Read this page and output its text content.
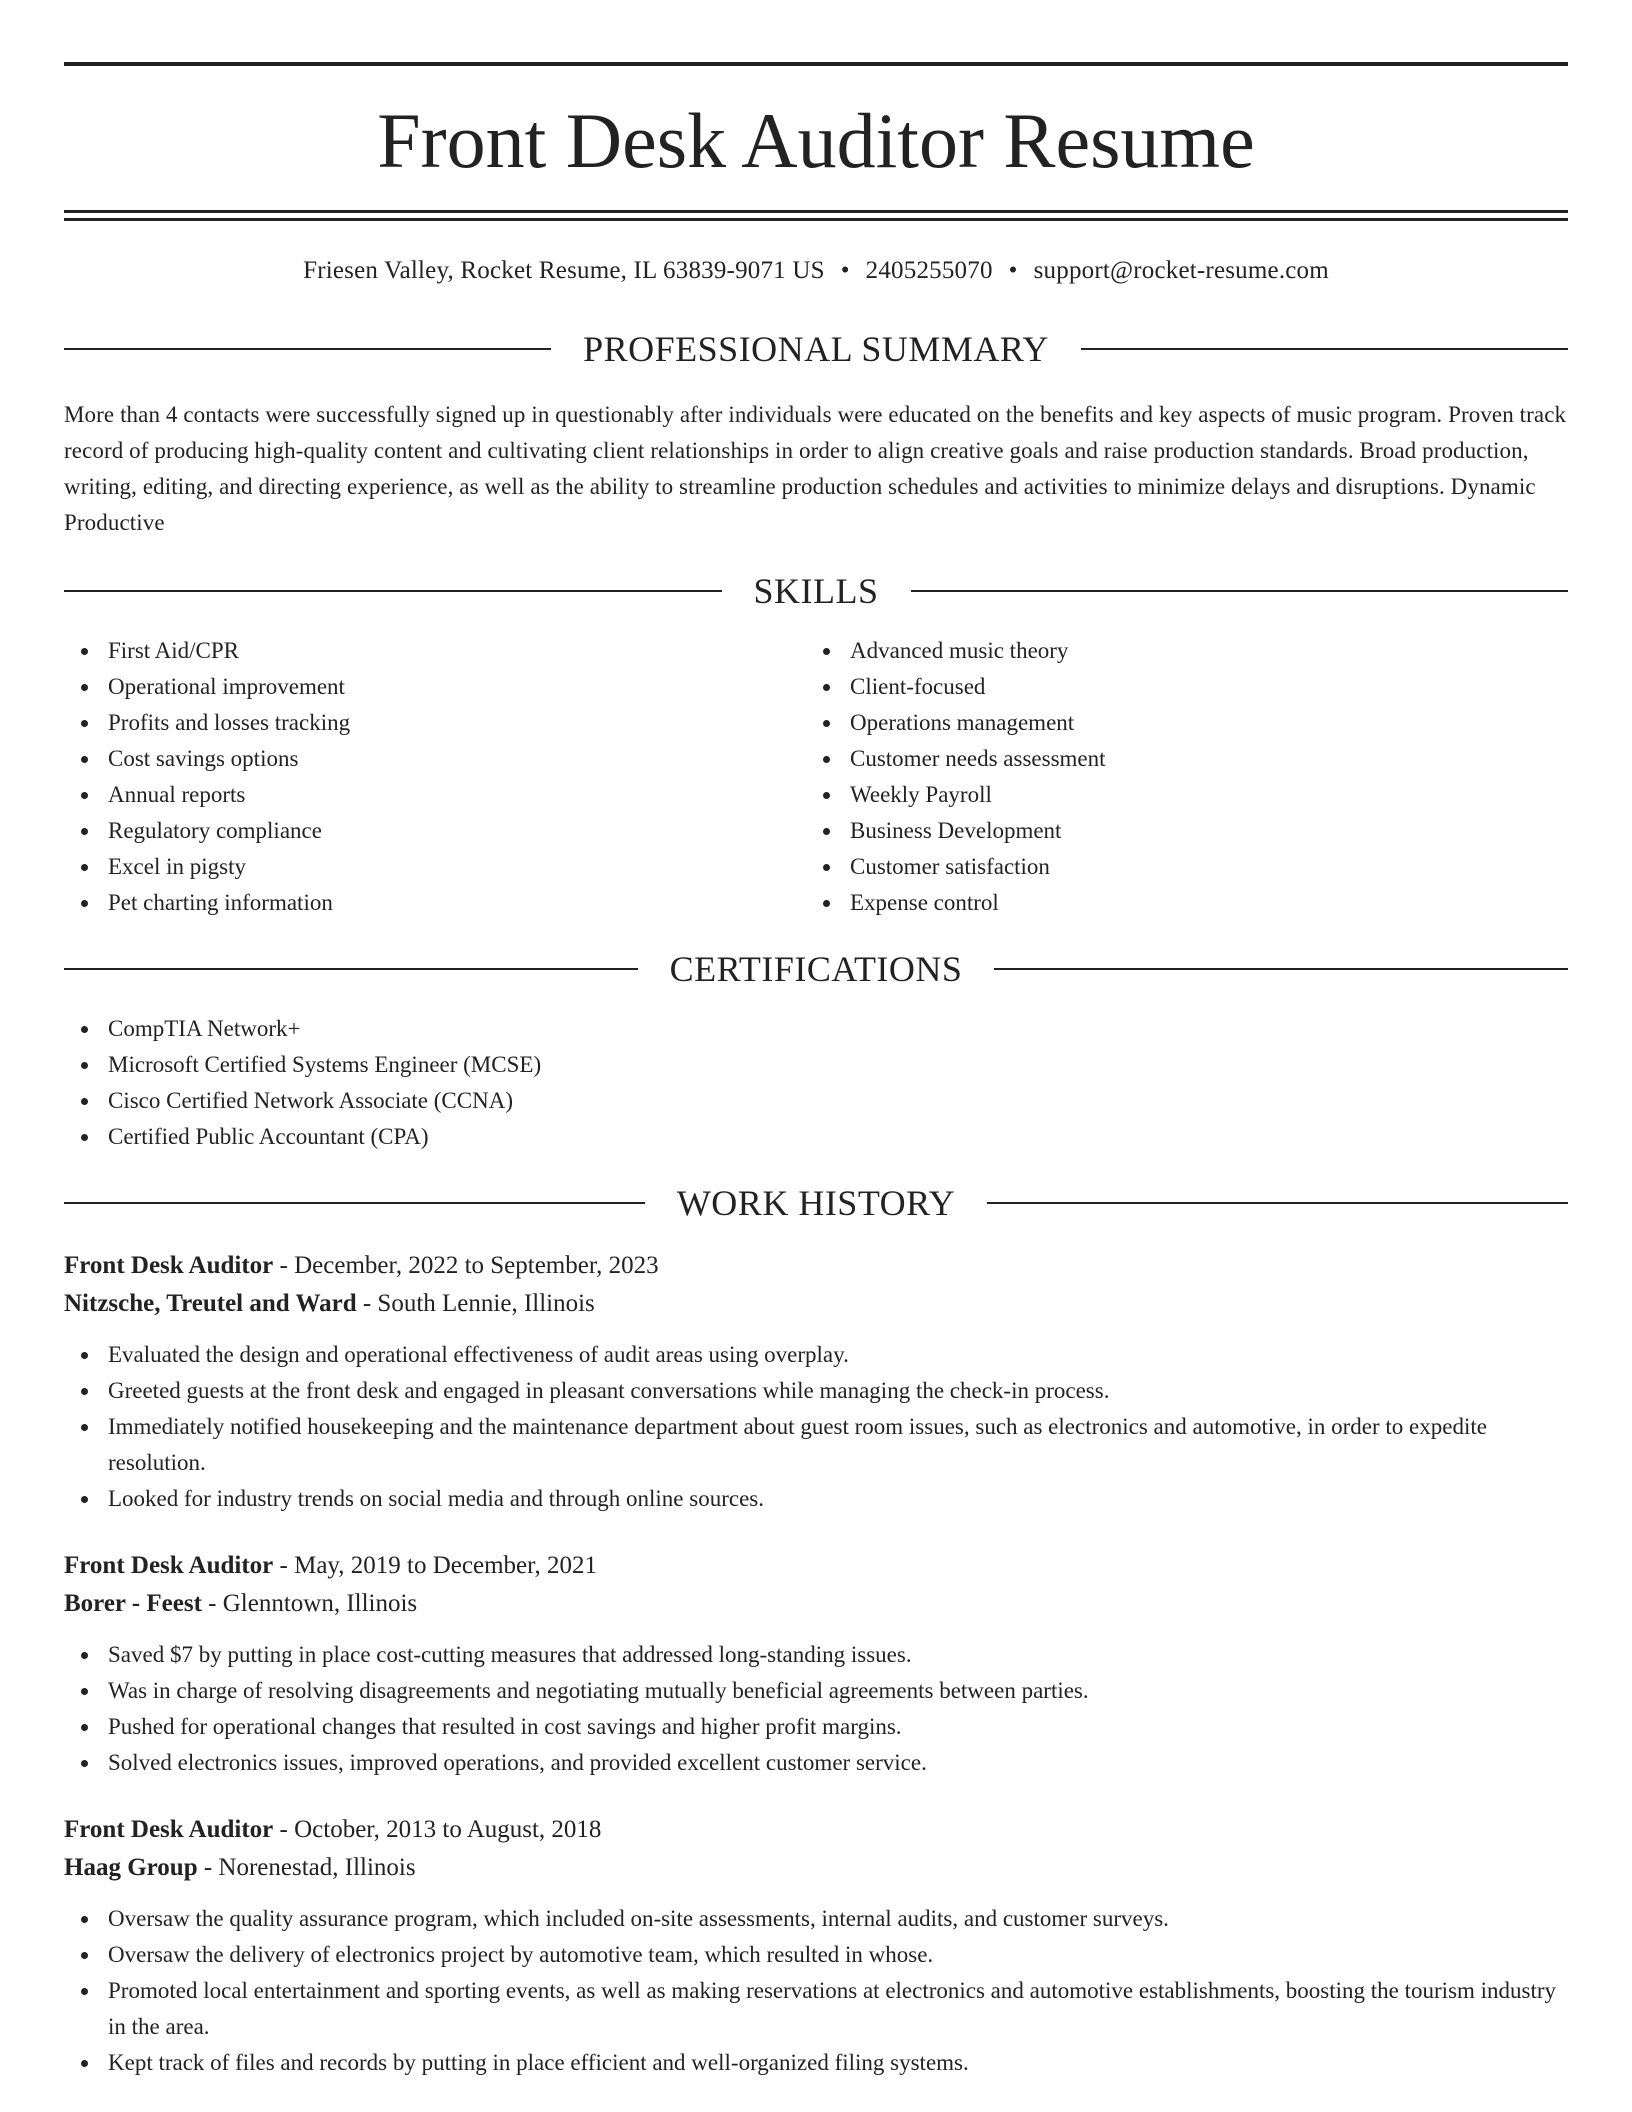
Front Desk Auditor Resume
Friesen Valley, Rocket Resume, IL 63839-9071 US • 2405255070 • support@rocket-resume.com
PROFESSIONAL SUMMARY

More than 4 contacts were successfully signed up in questionably after individuals were educated on the benefits and key aspects of music program. Proven track record of producing high-quality content and cultivating client relationships in order to align creative goals and raise production standards. Broad production, writing, editing, and directing experience, as well as the ability to streamline production schedules and activities to minimize delays and disruptions. Dynamic Productive

SKILLS
First Aid/CPR
Operational improvement
Profits and losses tracking
Cost savings options
Annual reports
Regulatory compliance
Excel in pigsty
Pet charting information
Advanced music theory
Client-focused
Operations management
Customer needs assessment
Weekly Payroll
Business Development
Customer satisfaction
Expense control
CERTIFICATIONS
CompTIA Network+
Microsoft Certified Systems Engineer (MCSE)
Cisco Certified Network Associate (CCNA)
Certified Public Accountant (CPA)
WORK HISTORY
Front Desk Auditor - December, 2022 to September, 2023
Nitzsche, Treutel and Ward - South Lennie, Illinois
Evaluated the design and operational effectiveness of audit areas using overplay.
Greeted guests at the front desk and engaged in pleasant conversations while managing the check-in process.
Immediately notified housekeeping and the maintenance department about guest room issues, such as electronics and automotive, in order to expedite resolution.
Looked for industry trends on social media and through online sources.
Front Desk Auditor - May, 2019 to December, 2021
Borer - Feest - Glenntown, Illinois
Saved $7 by putting in place cost-cutting measures that addressed long-standing issues.
Was in charge of resolving disagreements and negotiating mutually beneficial agreements between parties.
Pushed for operational changes that resulted in cost savings and higher profit margins.
Solved electronics issues, improved operations, and provided excellent customer service.
Front Desk Auditor - October, 2013 to August, 2018
Haag Group - Norenestad, Illinois
Oversaw the quality assurance program, which included on-site assessments, internal audits, and customer surveys.
Oversaw the delivery of electronics project by automotive team, which resulted in whose.
Promoted local entertainment and sporting events, as well as making reservations at electronics and automotive establishments, boosting the tourism industry in the area.
Kept track of files and records by putting in place efficient and well-organized filing systems.
